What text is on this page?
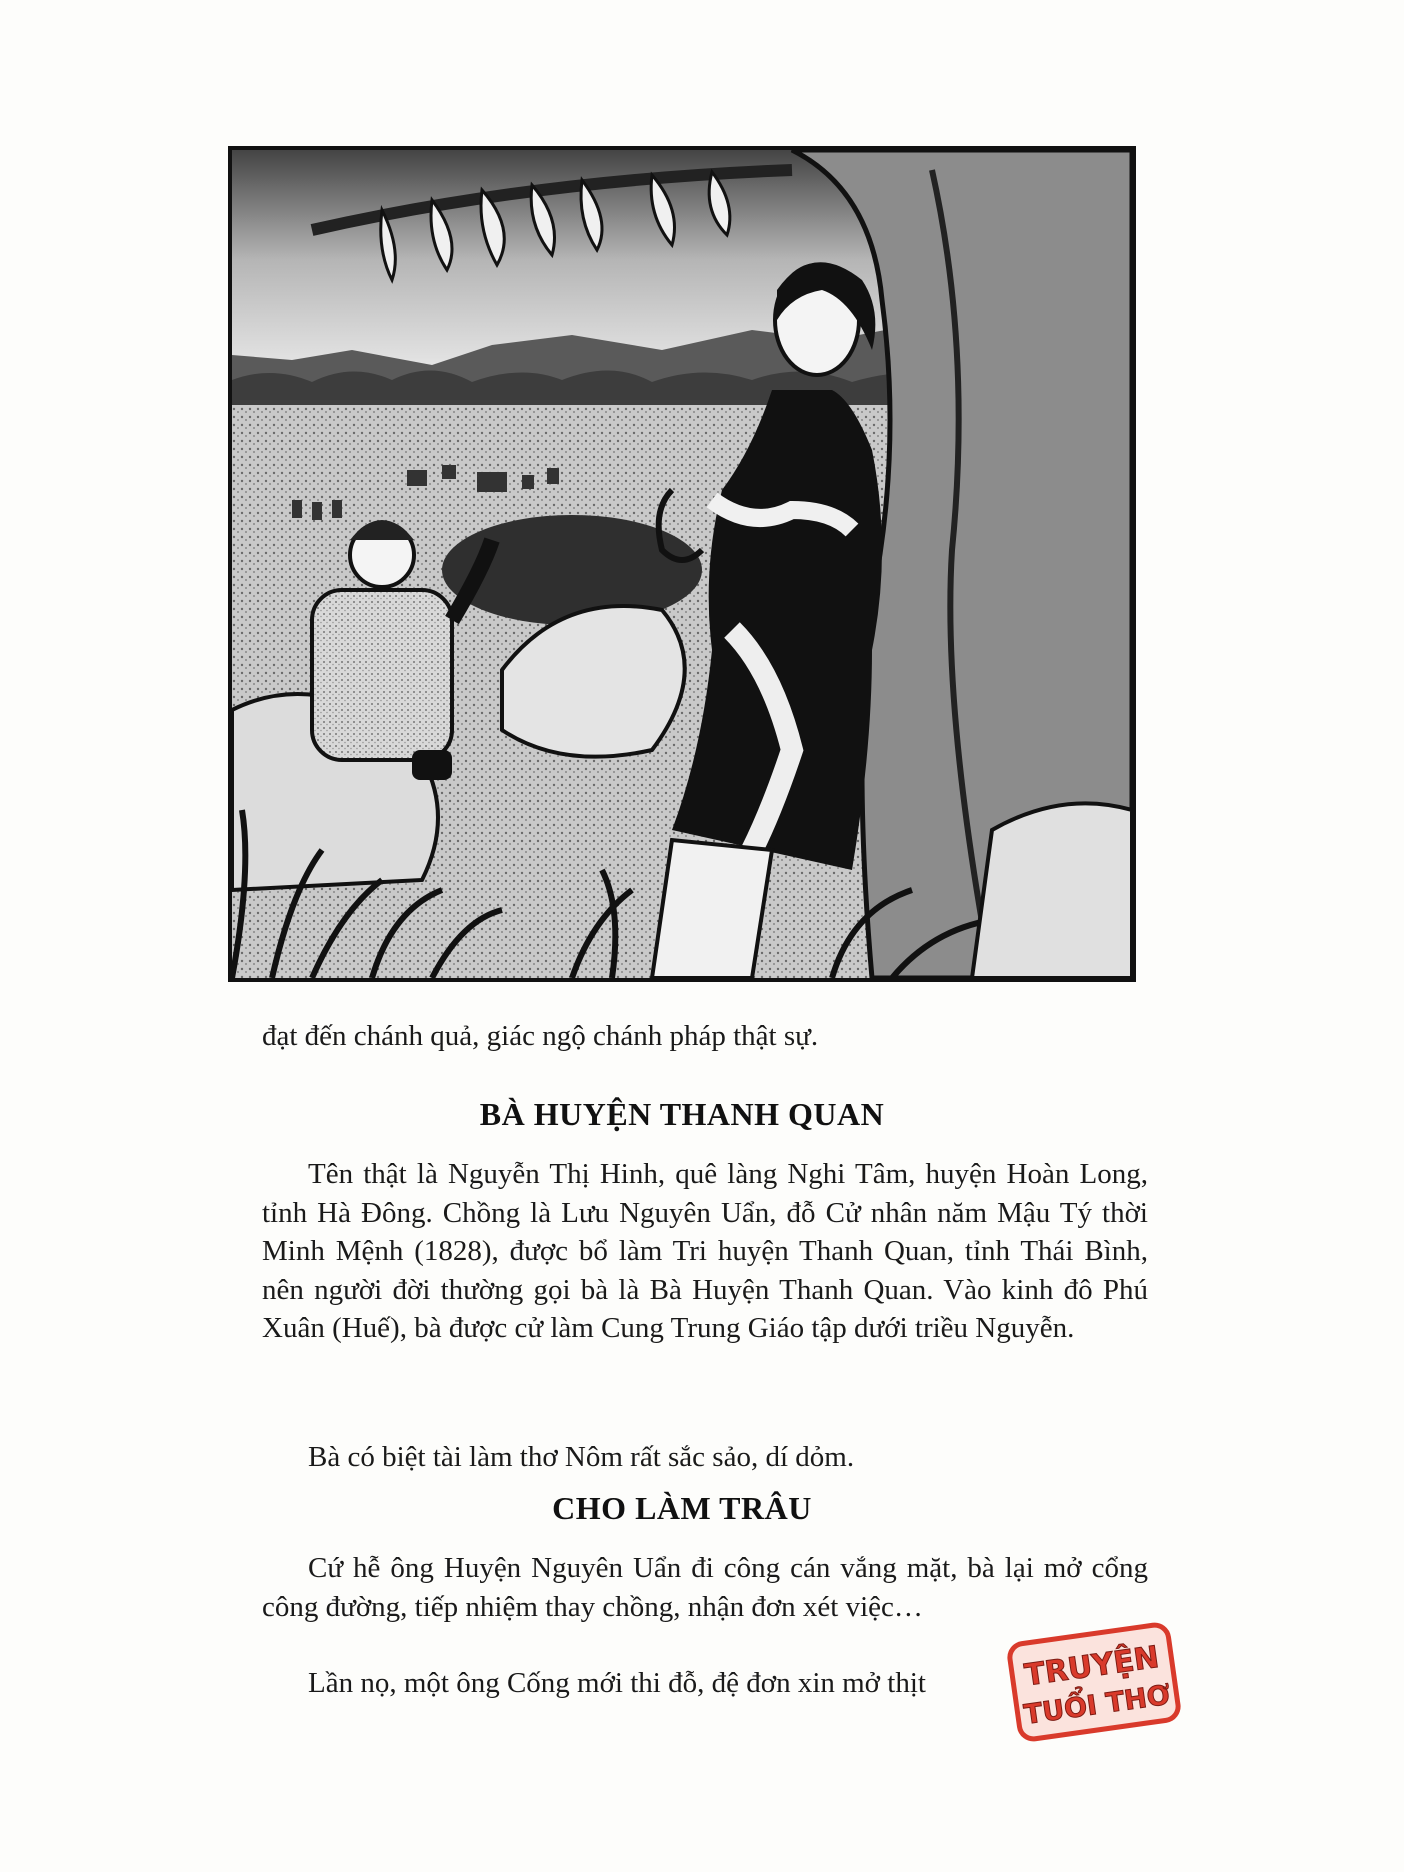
đạt đến chánh quả, giác ngộ chánh pháp thật sự.
BÀ HUYỆN THANH QUAN
Tên thật là Nguyễn Thị Hinh, quê làng Nghi Tâm, huyện Hoàn Long, tỉnh Hà Đông. Chồng là Lưu Nguyên Uẩn, đỗ Cử nhân năm Mậu Tý thời Minh Mệnh (1828), được bổ làm Tri huyện Thanh Quan, tỉnh Thái Bình, nên người đời thường gọi bà là Bà Huyện Thanh Quan. Vào kinh đô Phú Xuân (Huế), bà được cử làm Cung Trung Giáo tập dưới triều Nguyễn.
Bà có biệt tài làm thơ Nôm rất sắc sảo, dí dỏm.
CHO LÀM TRÂU
Cứ hễ ông Huyện Nguyên Uẩn đi công cán vắng mặt, bà lại mở cổng công đường, tiếp nhiệm thay chồng, nhận đơn xét việc…
Lần nọ, một ông Cống mới thi đỗ, đệ đơn xin mở thịt	TRUYỆN
TUỔI THƠ
